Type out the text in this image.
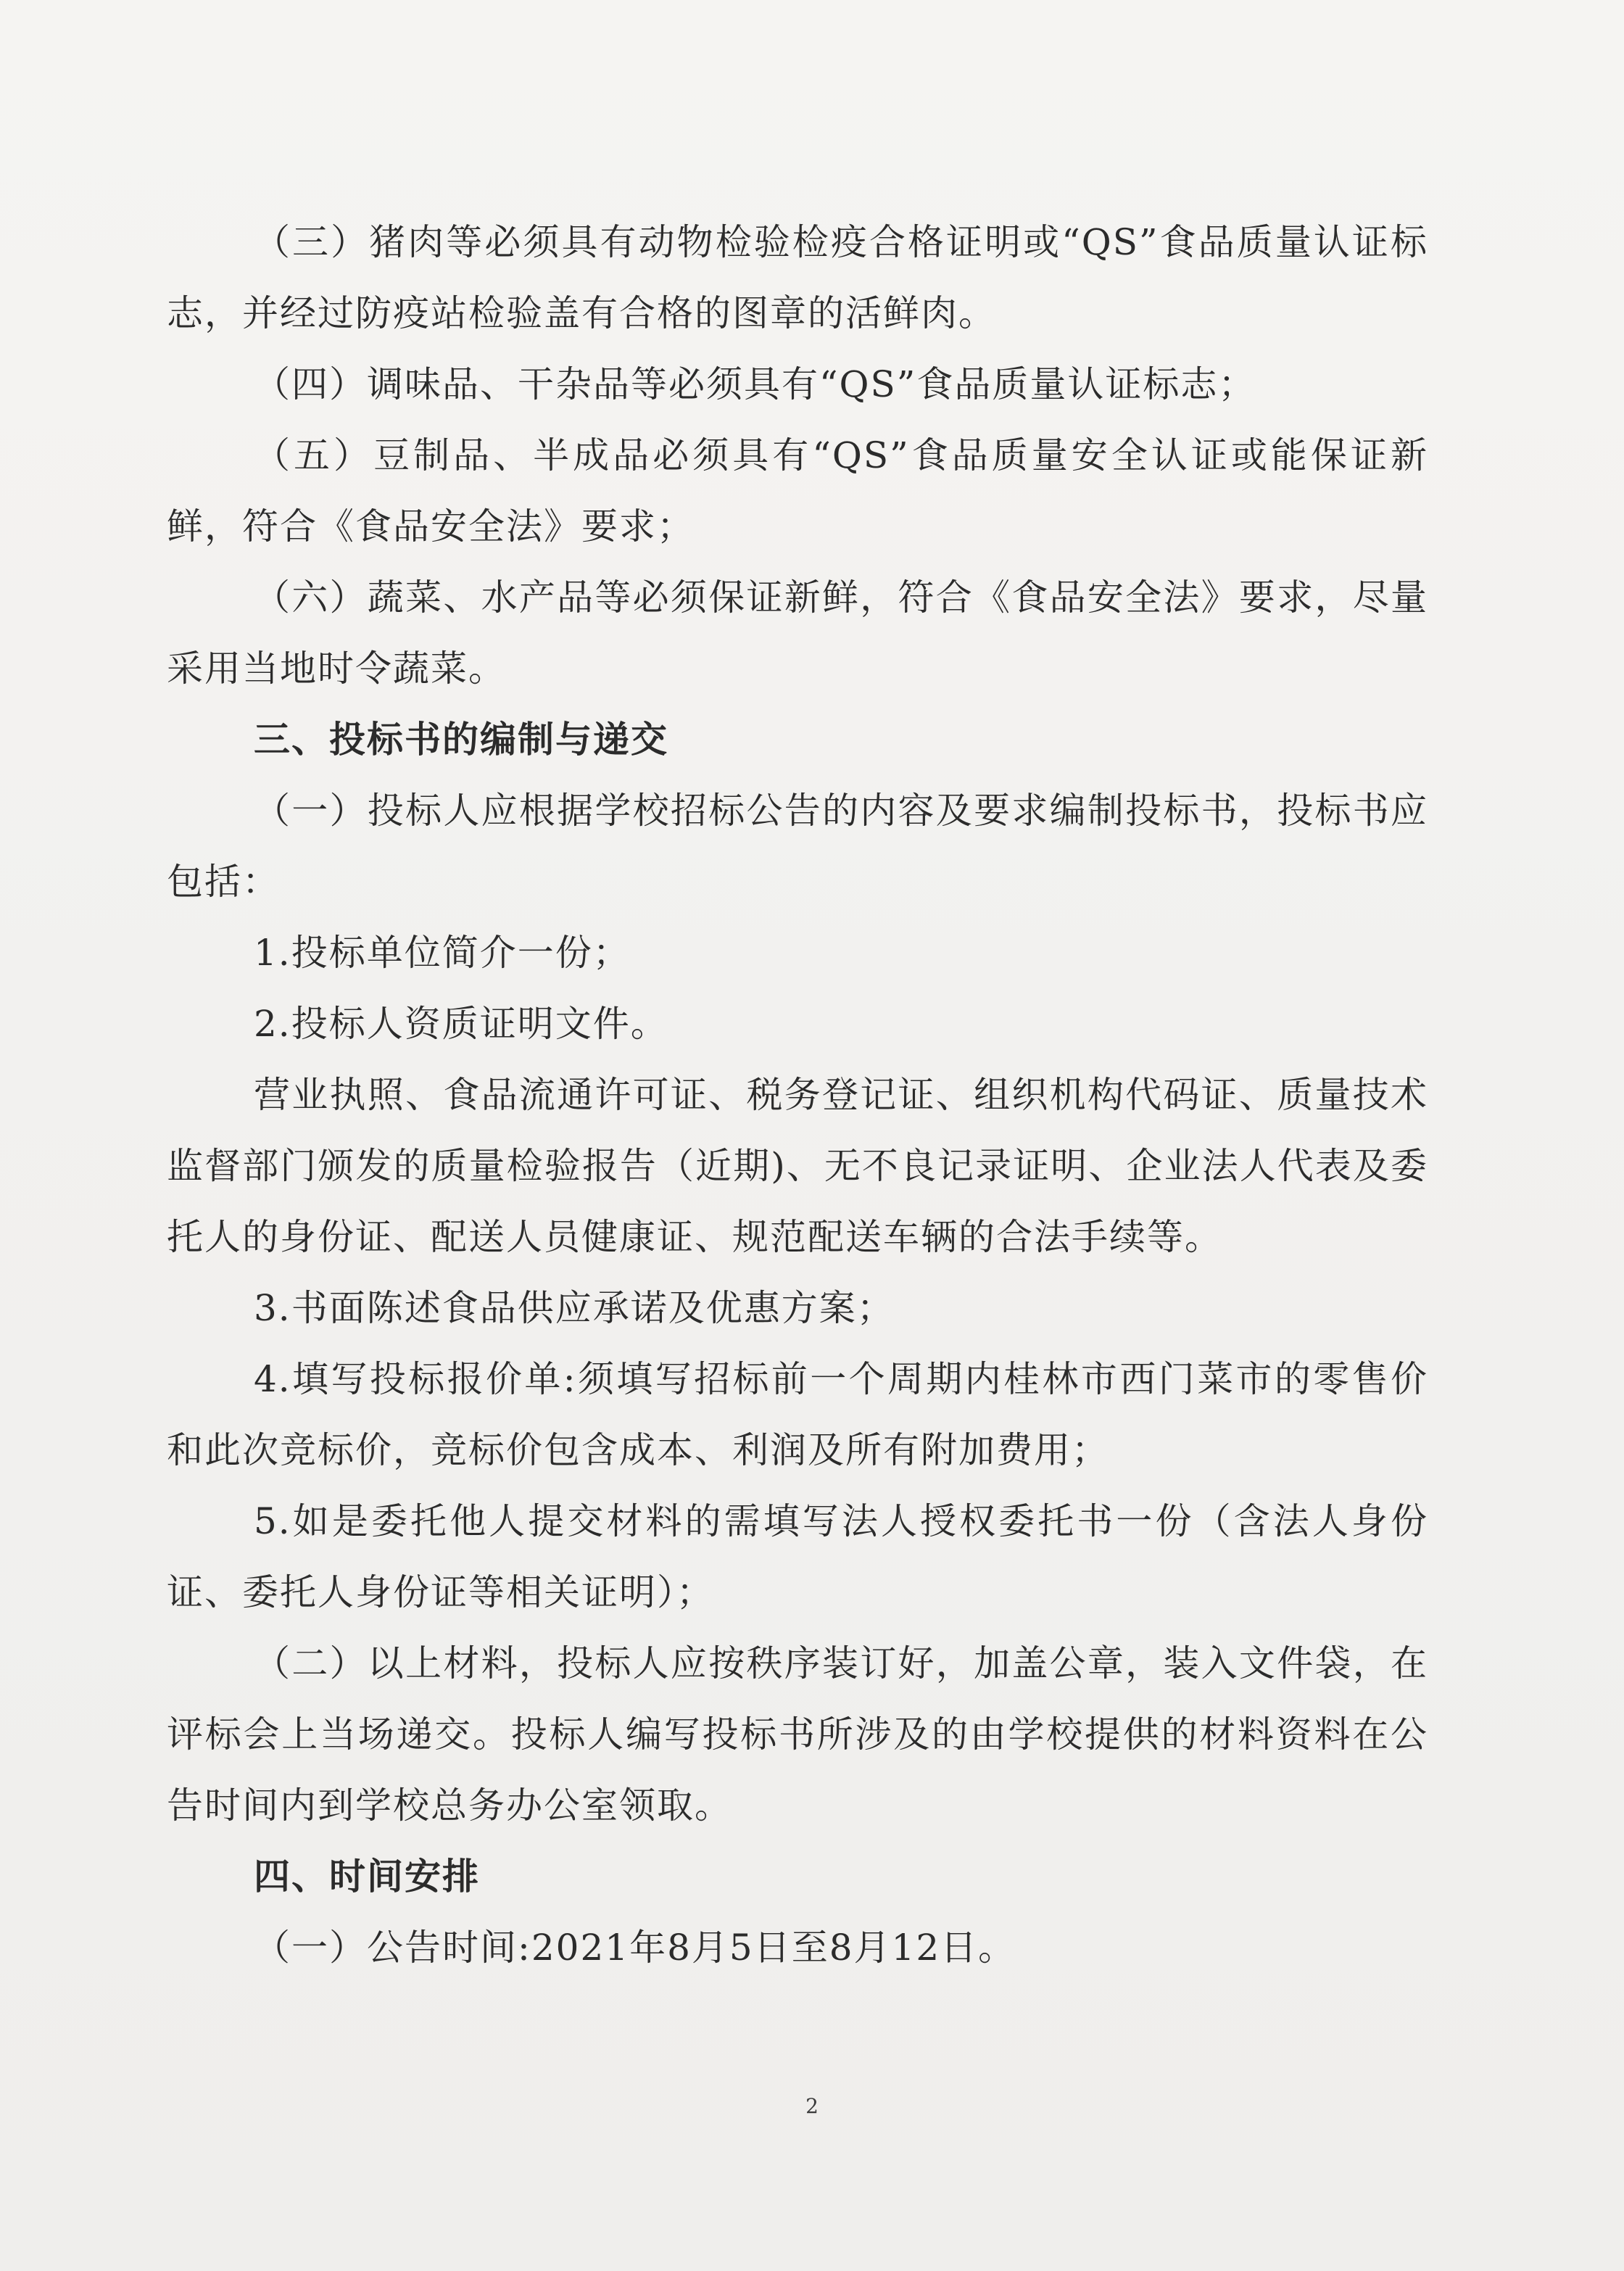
（三）猪肉等必须具有动物检验检疫合格证明或“QS”食品质量认证标志，并经过防疫站检验盖有合格的图章的活鲜肉。

（四）调味品、干杂品等必须具有“QS”食品质量认证标志；

（五）豆制品、半成品必须具有“QS”食品质量安全认证或能保证新鲜，符合《食品安全法》要求；

（六）蔬菜、水产品等必须保证新鲜，符合《食品安全法》要求，尽量采用当地时令蔬菜。

三、投标书的编制与递交

（一）投标人应根据学校招标公告的内容及要求编制投标书，投标书应包括：

1.投标单位简介一份；

2.投标人资质证明文件。

营业执照、食品流通许可证、税务登记证、组织机构代码证、质量技术监督部门颁发的质量检验报告（近期)、无不良记录证明、企业法人代表及委托人的身份证、配送人员健康证、规范配送车辆的合法手续等。

3.书面陈述食品供应承诺及优惠方案；

4.填写投标报价单:须填写招标前一个周期内桂林市西门菜市的零售价和此次竞标价，竞标价包含成本、利润及所有附加费用；

5.如是委托他人提交材料的需填写法人授权委托书一份（含法人身份证、委托人身份证等相关证明）；

（二）以上材料，投标人应按秩序装订好，加盖公章，装入文件袋，在评标会上当场递交。投标人编写投标书所涉及的由学校提供的材料资料在公告时间内到学校总务办公室领取。

四、时间安排

（一）公告时间:2021年8月5日至8月12日。

2
